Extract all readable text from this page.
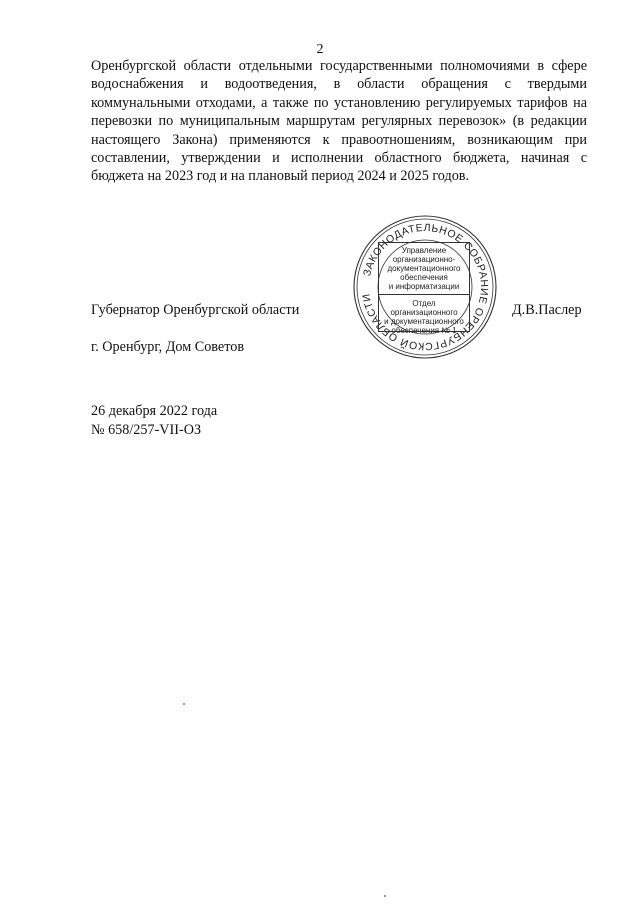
2

Оренбургской области отдельными государственными полномочиями в сфере водоснабжения и водоотведения, в области обращения с твердыми коммунальными отходами, а также по установлению регулируемых тарифов на перевозки по муниципальным маршрутам регулярных перевозок» (в редакции настоящего Закона) применяются к правоотношениям, возникающим при составлении, утверждении и исполнении областного бюджета, начиная с бюджета на 2023 год и на плановый период 2024 и 2025 годов.

ЗАКОНОДАТЕЛЬНОЕ СОБРАНИЕ ОРЕНБУРГСКОЙ ОБЛАСТИ
Управление
организационно-
документационного
обеспечения
и информатизации
Отдел организационного
и документационного
обеспечения № 1
Губернатор Оренбургской области	Д.В.Паслер
г. Оренбург, Дом Советов
26 декабря 2022 года
№ 658/257-VII-ОЗ
